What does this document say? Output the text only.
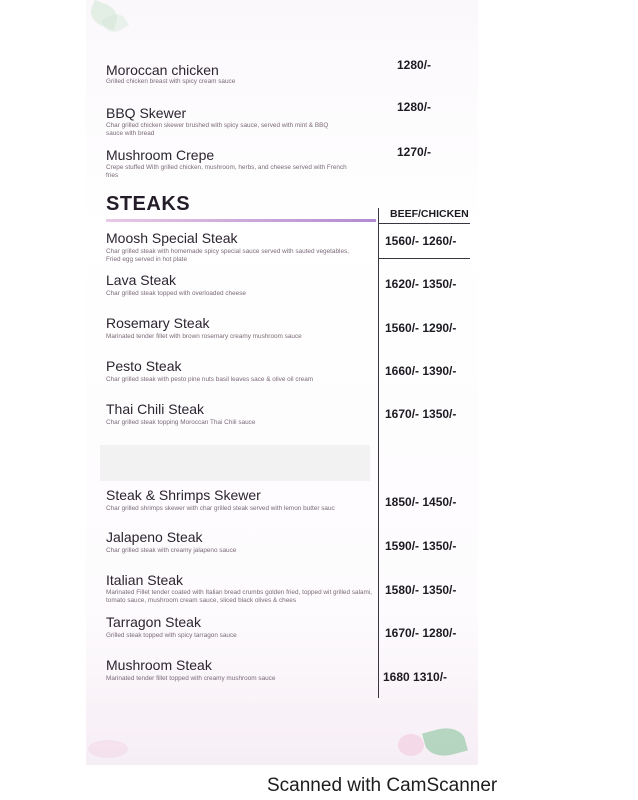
Moroccan chicken
Grilled chicken breast with spicy cream sauce
1280/-
BBQ Skewer
Char grilled chicken skewer brushed with spicy sauce, served with mint & BBQ sauce with bread
1280/-
Mushroom Crepe
Crepe stuffed With grilled chicken, mushroom, herbs, and cheese served with French fries
1270/-
STEAKS	BEEF/CHICKEN
Moosh Special Steak
Char grilled steak with homemade spicy special sauce served with sauted vegetables, Fried egg served in hot plate
1560/- 1260/-
Lava Steak
Char grilled steak topped with overloaded cheese
1620/- 1350/-
Rosemary Steak
Marinated tender fillet with brown rosemary creamy mushroom sauce
1560/- 1290/-
Pesto Steak
Char grilled steak with pesto pine nuts basil leaves sace & olive oil cream
1660/- 1390/-
Thai Chili Steak
Char grilled steak topping Moroccan Thai Chili sauce
1670/- 1350/-
Steak & Shrimps Skewer
Char grilled shrimps skewer with char grilled steak served with lemon butter sauc	1850/- 1450/-
Jalapeno Steak
Char grilled steak with creamy jalapeno sauce	1590/- 1350/-
Italian Steak
Marinated Fillet tender coated with Italian bread crumbs golden fried, topped wit grilled salami, tomato sauce, mushroom cream sauce, sliced black olives & chees
1580/- 1350/-
Tarragon Steak
Grilled steak topped with spicy tarragon sauce	1670/- 1280/-
Mushroom Steak
Marinated tender fillet topped with creamy mushroom sauce	1680 1310/-
Scanned with CamScanner
